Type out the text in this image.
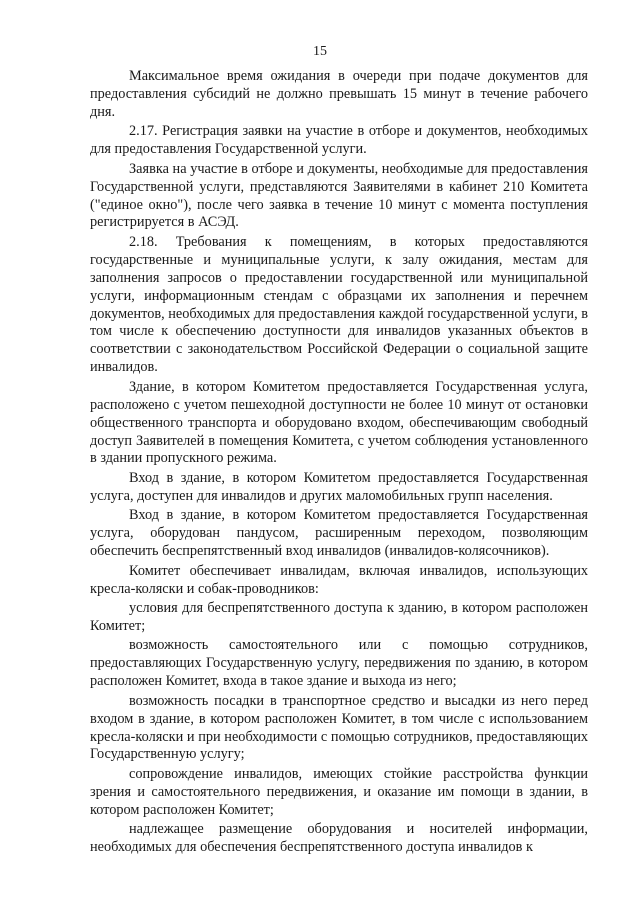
15

Максимальное время ожидания в очереди при подаче документов для предоставления субсидий не должно превышать 15 минут в течение рабочего дня.

2.17. Регистрация заявки на участие в отборе и документов, необходимых для предоставления Государственной услуги.

Заявка на участие в отборе и документы, необходимые для предоставления Государственной услуги, представляются Заявителями в кабинет 210 Комитета ("единое окно"), после чего заявка в течение 10 минут с момента поступления регистрируется в АСЭД.

2.18. Требования к помещениям, в которых предоставляются государственные и муниципальные услуги, к залу ожидания, местам для заполнения запросов о предоставлении государственной или муниципальной услуги, информационным стендам с образцами их заполнения и перечнем документов, необходимых для предоставления каждой государственной услуги, в том числе к обеспечению доступности для инвалидов указанных объектов в соответствии с законодательством Российской Федерации о социальной защите инвалидов.

Здание, в котором Комитетом предоставляется Государственная услуга, расположено с учетом пешеходной доступности не более 10 минут от остановки общественного транспорта и оборудовано входом, обеспечивающим свободный доступ Заявителей в помещения Комитета, с учетом соблюдения установленного в здании пропускного режима.

Вход в здание, в котором Комитетом предоставляется Государственная услуга, доступен для инвалидов и других маломобильных групп населения.

Вход в здание, в котором Комитетом предоставляется Государственная услуга, оборудован пандусом, расширенным переходом, позволяющим обеспечить беспрепятственный вход инвалидов (инвалидов-колясочников).

Комитет обеспечивает инвалидам, включая инвалидов, использующих кресла-коляски и собак-проводников:

условия для беспрепятственного доступа к зданию, в котором расположен Комитет;

возможность самостоятельного или с помощью сотрудников, предоставляющих Государственную услугу, передвижения по зданию, в котором расположен Комитет, входа в такое здание и выхода из него;

возможность посадки в транспортное средство и высадки из него перед входом в здание, в котором расположен Комитет, в том числе с использованием кресла-коляски и при необходимости с помощью сотрудников, предоставляющих Государственную услугу;

сопровождение инвалидов, имеющих стойкие расстройства функции зрения и самостоятельного передвижения, и оказание им помощи в здании, в котором расположен Комитет;

надлежащее размещение оборудования и носителей информации, необходимых для обеспечения беспрепятственного доступа инвалидов к
